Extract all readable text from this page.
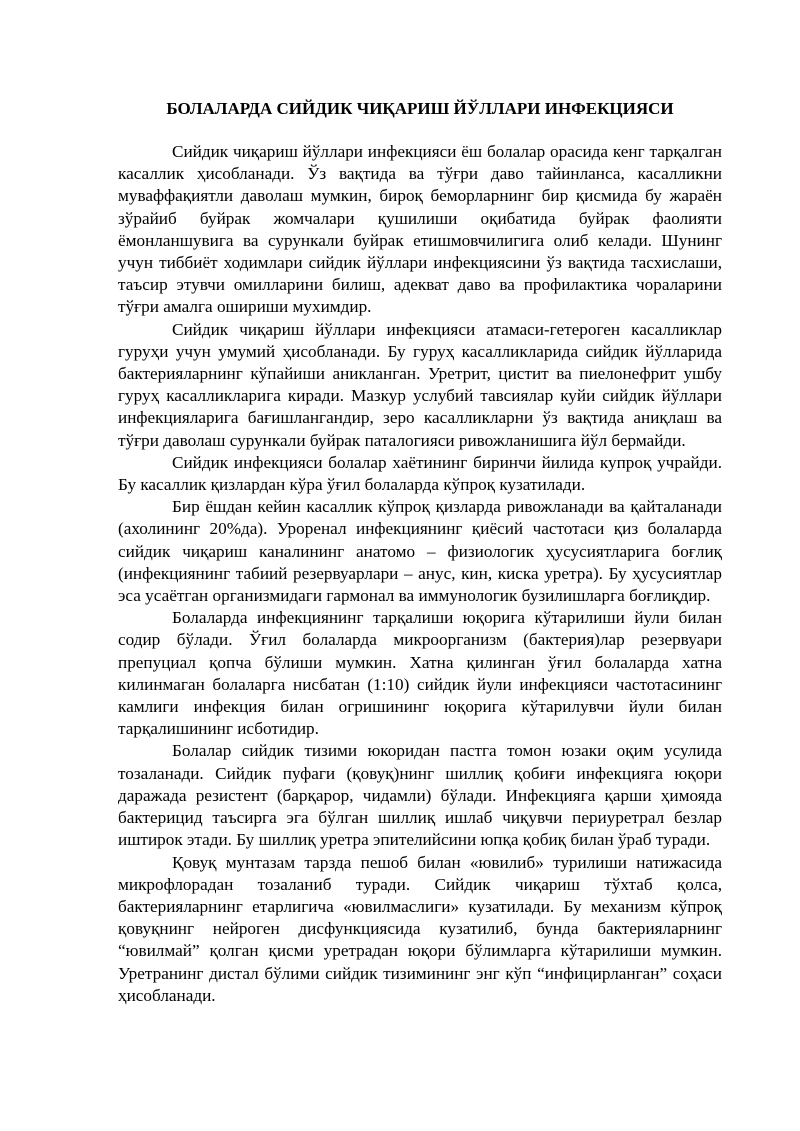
БОЛАЛАРДА СИЙДИК ЧИҚАРИШ ЙЎЛЛАРИ ИНФЕКЦИЯСИ

Сийдик чиқариш йўллари инфекцияси ёш болалар орасида кенг тарқалган касаллик ҳисобланади. Ўз вақтида ва тўғри даво тайинланса, касалликни муваффақиятли даволаш мумкин, бироқ беморларнинг бир қисмида бу жараён зўрайиб буйрак жомчалари қушилиши оқибатида буйрак фаолияти ёмонланшувига ва сурункали буйрак етишмовчилигига олиб келади. Шунинг учун тиббиёт ходимлари сийдик йўллари инфекциясини ўз вақтида тасхислаши, таъсир этувчи омилларини билиш, адекват даво ва профилактика чораларини тўғри амалга ошириши мухимдир.

Сийдик чиқариш йўллари инфекцияси атамаси-гетероген касалликлар гуруҳи учун умумий ҳисобланади. Бу гуруҳ касалликларида сийдик йўлларида бактерияларнинг кўпайиши аникланган. Уретрит, цистит ва пиелонефрит ушбу гуруҳ касалликларига киради. Мазкур услубий тавсиялар куйи сийдик йўллари инфекцияларига бағишлангандир, зеро касалликларни ўз вақтида аниқлаш ва тўғри даволаш сурункали буйрак паталогияси ривожланишига йўл бермайди.

Сийдик инфекцияси болалар хаётининг биринчи йилида купроқ учрайди. Бу касаллик қизлардан кўра ўғил болаларда кўпроқ кузатилади.

Бир ёшдан кейин касаллик кўпроқ қизларда ривожланади ва қайталанади (ахолининг 20%да). Уроренал инфекциянинг қиёсий частотаси қиз болаларда сийдик чиқариш каналининг анатомо – физиологик ҳусусиятларига боғлиқ (инфекциянинг табиий резервуарлари – анус, кин, киска уретра). Бу ҳусусиятлар эса усаётган организмидаги гармонал ва иммунологик бузилишларга боғлиқдир.

Болаларда инфекциянинг тарқалиши юқорига кўтарилиши йули билан содир бўлади. Ўғил болаларда микроорганизм (бактерия)лар резервуари препуциал қопча бўлиши мумкин. Хатна қилинган ўғил болаларда хатна килинмаган болаларга нисбатан (1:10) сийдик йули инфекцияси частотасининг камлиги инфекция билан огришининг юқорига кўтарилувчи йули билан тарқалишининг исботидир.

Болалар сийдик тизими юкоридан пастга томон юзаки оқим усулида тозаланади. Сийдик пуфаги (қовуқ)нинг шиллиқ қобиғи инфекцияга юқори даражада резистент (барқарор, чидамли) бўлади. Инфекцияга қарши ҳимояда бактерицид таъсирга эга бўлган шиллиқ ишлаб чиқувчи периуретрал безлар иштирок этади. Бу шиллиқ уретра эпителийсини юпқа қобиқ билан ўраб туради.

Қовуқ мунтазам тарзда пешоб билан «ювилиб» турилиши натижасида микрофлорадан тозаланиб туради. Сийдик чиқариш тўхтаб қолса, бактерияларнинг етарлигича «ювилмаслиги» кузатилади. Бу механизм кўпроқ қовуқнинг нейроген дисфункциясида кузатилиб, бунда бактерияларнинг “ювилмай” қолган қисми уретрадан юқори бўлимларга кўтарилиши мумкин. Уретранинг дистал бўлими сийдик тизимининг энг кўп “инфицирланган” соҳаси ҳисобланади.
